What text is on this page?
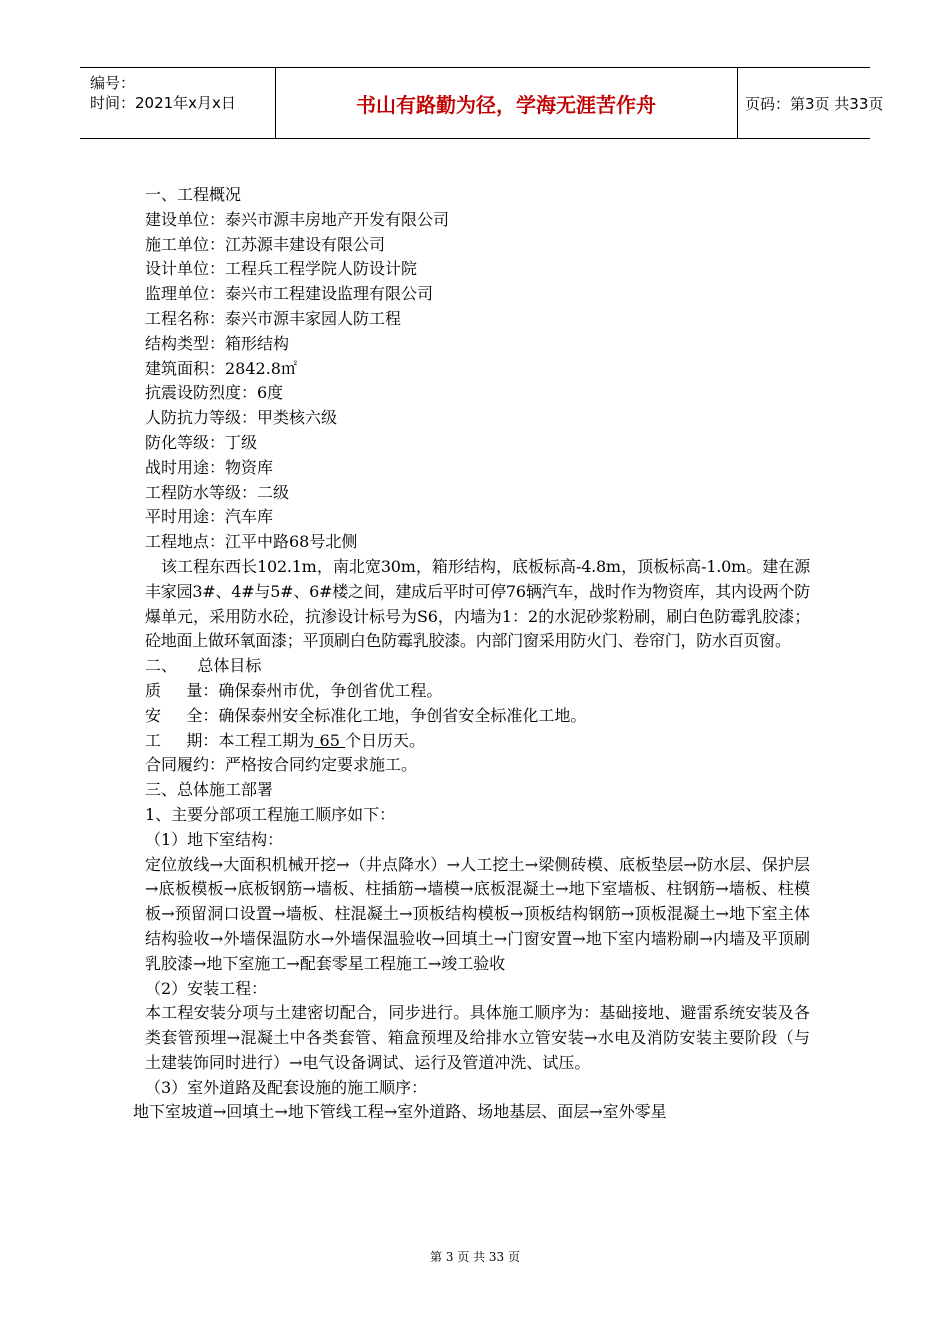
编号：
时间：2021年x月x日	书山有路勤为径，学海无涯苦作舟	页码：第3页 共33页
一、工程概况
建设单位：泰兴市源丰房地产开发有限公司
施工单位：江苏源丰建设有限公司
设计单位：工程兵工程学院人防设计院
监理单位：泰兴市工程建设监理有限公司
工程名称：泰兴市源丰家园人防工程
结构类型：箱形结构
建筑面积：2842.8㎡
抗震设防烈度：6度
人防抗力等级：甲类核六级
防化等级：丁级
战时用途：物资库
工程防水等级：二级
平时用途：汽车库
工程地点：江平中路68号北侧
该工程东西长102.1m，南北宽30m，箱形结构，底板标高-4.8m，顶板标高-1.0m。建在源丰家园3#、4#与5#、6#楼之间，建成后平时可停76辆汽车，战时作为物资库，其内设两个防爆单元，采用防水砼，抗渗设计标号为S6，内墙为1：2的水泥砂浆粉刷，刷白色防霉乳胶漆；砼地面上做环氧面漆；平顶刷白色防霉乳胶漆。内部门窗采用防火门、卷帘门，防水百页窗。
二、    总体目标
质     量：确保泰州市优，争创省优工程。
安     全：确保泰州安全标准化工地，争创省安全标准化工地。
工     期：本工程工期为 65 个日历天。
合同履约：严格按合同约定要求施工。
三、总体施工部署
1、主要分部项工程施工顺序如下：
（1）地下室结构：
定位放线→大面积机械开挖→（井点降水）→人工挖土→梁侧砖模、底板垫层→防水层、保护层→底板模板→底板钢筋→墙板、柱插筋→墙模→底板混凝土→地下室墙板、柱钢筋→墙板、柱模板→预留洞口设置→墙板、柱混凝土→顶板结构模板→顶板结构钢筋→顶板混凝土→地下室主体结构验收→外墙保温防水→外墙保温验收→回填土→门窗安置→地下室内墙粉刷→内墙及平顶刷乳胶漆→地下室施工→配套零星工程施工→竣工验收
（2）安装工程：
本工程安装分项与土建密切配合，同步进行。具体施工顺序为：基础接地、避雷系统安装及各类套管预埋→混凝土中各类套管、箱盒预埋及给排水立管安装→水电及消防安装主要阶段（与土建装饰同时进行）→电气设备调试、运行及管道冲洗、试压。
（3）室外道路及配套设施的施工顺序：
地下室坡道→回填土→地下管线工程→室外道路、场地基层、面层→室外零星
第 3 页 共 33 页
